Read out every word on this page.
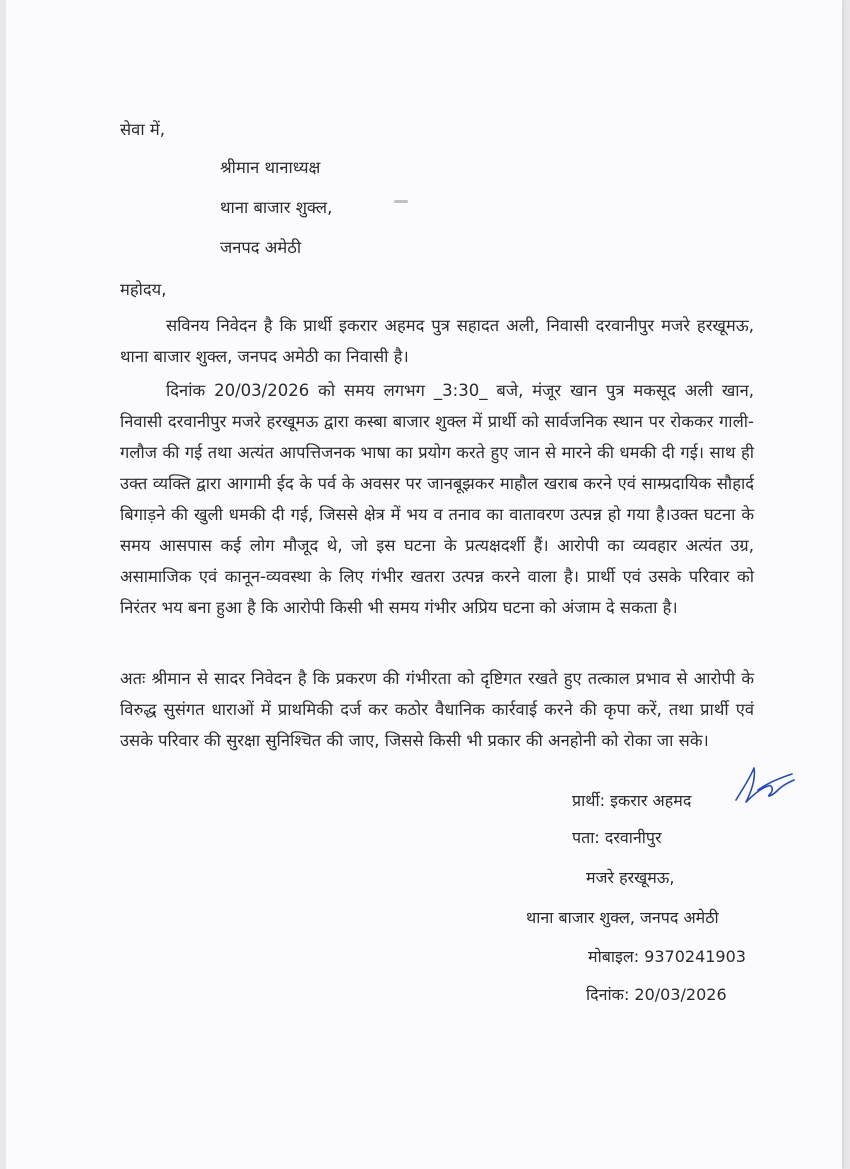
सेवा में,
श्रीमान थानाध्यक्ष
थाना बाजार शुक्ल,
जनपद अमेठी
महोदय,
सविनय निवेदन है कि प्रार्थी इकरार अहमद पुत्र सहादत अली, निवासी दरवानीपुर मजरे हरखूमऊ, थाना बाजार शुक्ल, जनपद अमेठी का निवासी है।
दिनांक 20/03/2026 को समय लगभग _3:30_ बजे, मंजूर खान पुत्र मकसूद अली खान, निवासी दरवानीपुर मजरे हरखूमऊ द्वारा कस्बा बाजार शुक्ल में प्रार्थी को सार्वजनिक स्थान पर रोककर गाली-गलौज की गई तथा अत्यंत आपत्तिजनक भाषा का प्रयोग करते हुए जान से मारने की धमकी दी गई। साथ ही उक्त व्यक्ति द्वारा आगामी ईद के पर्व के अवसर पर जानबूझकर माहौल खराब करने एवं साम्प्रदायिक सौहार्द बिगाड़ने की खुली धमकी दी गई, जिससे क्षेत्र में भय व तनाव का वातावरण उत्पन्न हो गया है।उक्त घटना के समय आसपास कई लोग मौजूद थे, जो इस घटना के प्रत्यक्षदर्शी हैं। आरोपी का व्यवहार अत्यंत उग्र, असामाजिक एवं कानून-व्यवस्था के लिए गंभीर खतरा उत्पन्न करने वाला है। प्रार्थी एवं उसके परिवार को निरंतर भय बना हुआ है कि आरोपी किसी भी समय गंभीर अप्रिय घटना को अंजाम दे सकता है।
अतः श्रीमान से सादर निवेदन है कि प्रकरण की गंभीरता को दृष्टिगत रखते हुए तत्काल प्रभाव से आरोपी के विरुद्ध सुसंगत धाराओं में प्राथमिकी दर्ज कर कठोर वैधानिक कार्रवाई करने की कृपा करें, तथा प्रार्थी एवं उसके परिवार की सुरक्षा सुनिश्चित की जाए, जिससे किसी भी प्रकार की अनहोनी को रोका जा सके।
प्रार्थी: इकरार अहमद
पता: दरवानीपुर
मजरे हरखूमऊ,
थाना बाजार शुक्ल, जनपद अमेठी
मोबाइल: 9370241903
दिनांक: 20/03/2026
